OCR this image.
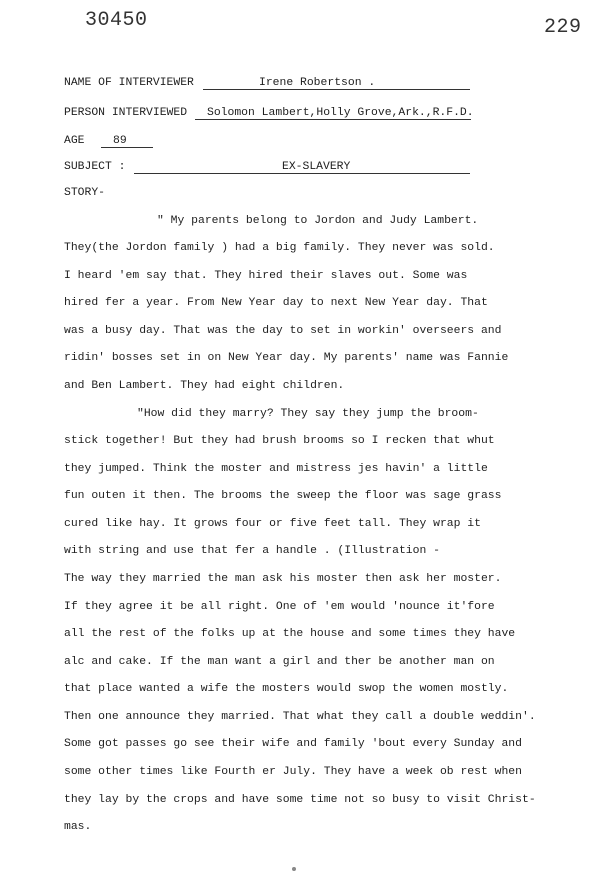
30450	229
NAME OF INTERVIEWER	Irene Robertson .
PERSON INTERVIEWED Solomon Lambert,Holly Grove,Ark.,R.F.D.
AGE 89
SUBJECT :	EX-SLAVERY
STORY-
" My parents belong to Jordon and Judy Lambert.
They(the Jordon family ) had a big family. They never was sold.
I heard 'em say that. They hired their slaves out. Some was
hired fer a year. From New Year day to next New Year day. That
was a busy day. That was the day to set in workin' overseers and
ridin' bosses set in on New Year day. My parents' name was Fannie
and Ben Lambert. They had eight children.
"How did they marry? They say they jump the broom-
stick together! But they had brush brooms so I recken that whut
they jumped. Think the moster and mistress jes havin' a little
fun outen it then. The brooms the sweep the floor was sage grass
cured like hay. It grows four or five feet tall. They wrap it
with string and use that fer a handle . (Illustration -
The way they married the man ask his moster then ask her moster.
If they agree it be all right. One of 'em would 'nounce it'fore
all the rest of the folks up at the house and some times they have
alc and cake. If the man want a girl and ther be another man on
that place wanted a wife the mosters would swop the women mostly.
Then one announce they married. That what they call a double weddin'.
Some got passes go see their wife and family 'bout every Sunday and
some other times like Fourth er July. They have a week ob rest when
they lay by the crops and have some time not so busy to visit Christ-
mas.
